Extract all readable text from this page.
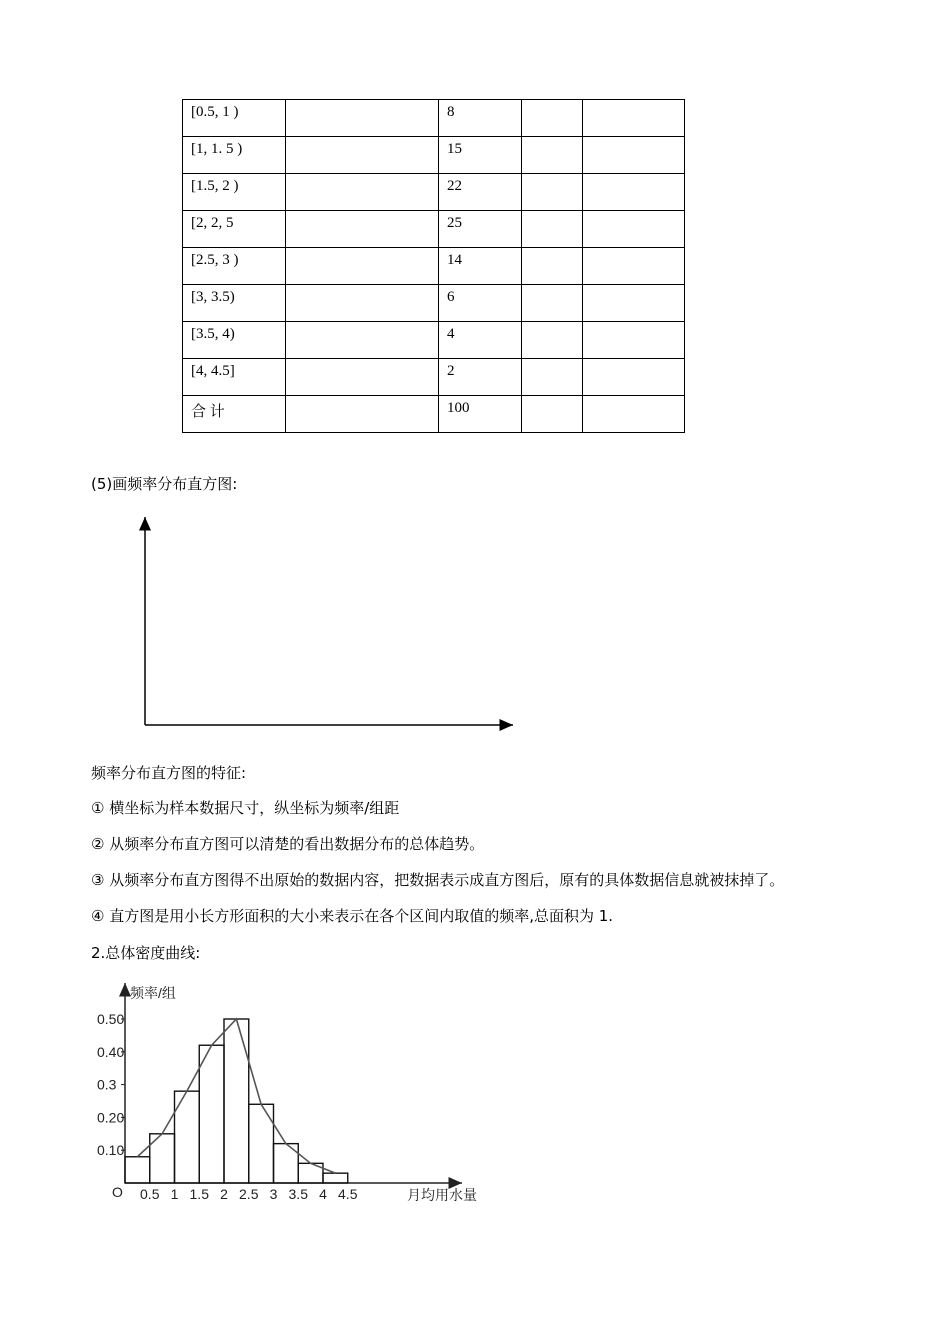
[0.5, 1 )		8		
[1, 1. 5 )		15		
[1.5, 2 )		22		
[2, 2, 5		25		
[2.5, 3 )		14		
[3, 3.5)		6		
[3.5, 4)		4		
[4, 4.5]		2		
合 计		100		
(5)画频率分布直方图:
频率分布直方图的特征:
① 横坐标为样本数据尺寸，纵坐标为频率/组距
② 从频率分布直方图可以清楚的看出数据分布的总体趋势。
③ 从频率分布直方图得不出原始的数据内容，把数据表示成直方图后，原有的具体数据信息就被抹掉了。
④ 直方图是用小长方形面积的大小来表示在各个区间内取值的频率,总面积为 1.
2.总体密度曲线:
频率/组
月均用水量
O
0.10
0.20
0.3
0.40
0.50
0.5 1 1.5 2 2.5 3 3.5 4 4.5
